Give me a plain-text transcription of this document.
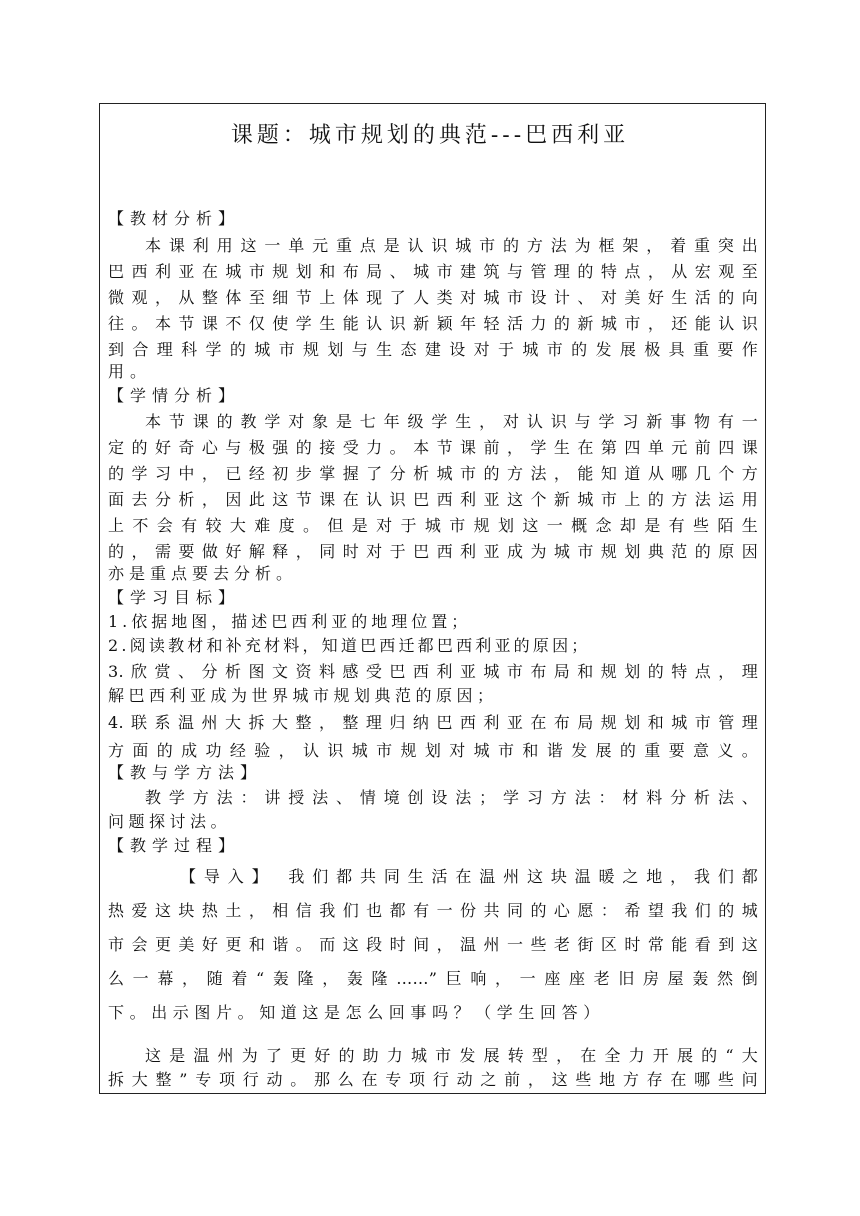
课题：城市规划的典范---巴西利亚

【教材分析】

本课利用这一单元重点是认识城市的方法为框架，着重突出

巴西利亚在城市规划和布局、城市建筑与管理的特点，从宏观至

微观，从整体至细节上体现了人类对城市设计、对美好生活的向

往。本节课不仅使学生能认识新颖年轻活力的新城市，还能认识

到合理科学的城市规划与生态建设对于城市的发展极具重要作

用。

【学情分析】

本节课的教学对象是七年级学生，对认识与学习新事物有一

定的好奇心与极强的接受力。本节课前，学生在第四单元前四课

的学习中，已经初步掌握了分析城市的方法，能知道从哪几个方

面去分析，因此这节课在认识巴西利亚这个新城市上的方法运用

上不会有较大难度。但是对于城市规划这一概念却是有些陌生

的，需要做好解释，同时对于巴西利亚成为城市规划典范的原因

亦是重点要去分析。

【学习目标】

1.依据地图，描述巴西利亚的地理位置；

2.阅读教材和补充材料，知道巴西迁都巴西利亚的原因；

3.欣赏、分析图文资料感受巴西利亚城市布局和规划的特点，理

解巴西利亚成为世界城市规划典范的原因；

4.联系温州大拆大整，整理归纳巴西利亚在布局规划和城市管理

方面的成功经验，认识城市规划对城市和谐发展的重要意义。

【教与学方法】

教学方法：讲授法、情境创设法；学习方法：材料分析法、

问题探讨法。

【教学过程】

【导入】 我们都共同生活在温州这块温暖之地，我们都

热爱这块热土，相信我们也都有一份共同的心愿：希望我们的城

市会更美好更和谐。而这段时间，温州一些老街区时常能看到这

么一幕，随着“轰隆，轰隆……”巨响，一座座老旧房屋轰然倒

下。出示图片。知道这是怎么回事吗？（学生回答）

这是温州为了更好的助力城市发展转型，在全力开展的“大

拆大整”专项行动。那么在专项行动之前，这些地方存在哪些问
